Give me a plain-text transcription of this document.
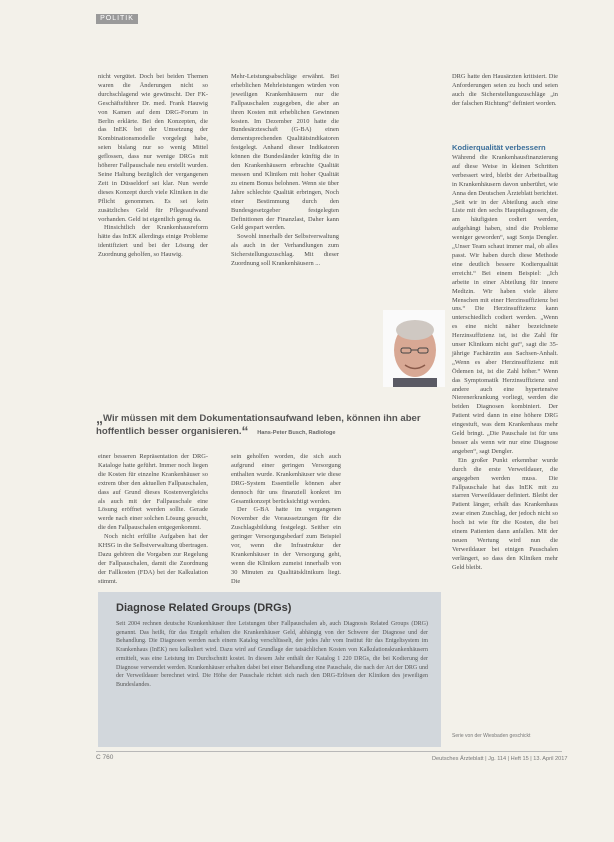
POLITIK

nicht vergütet. Doch bei beiden Themen waren die Änderungen nicht so durchschlagend wie gewünscht. Der FK-Geschäftsführer Dr. med. Frank Hauwig von Kamen auf dem DRG-Forum in Berlin erklärte. Bei den Konzepten, die das InEK bei der Umsetzung der Kombinationsmodelle vorgelegt habe, seien bislang nur so wenig Mittel geflossen, dass nur wenige DRGs mit höherer Fallpauschale neu erstellt wurden. Seine Haltung bezüglich der vergangenen Zeit in Düsseldorf sei klar. Nun werde dieses Konzept durch viele Kliniken in die Pflicht genommen. Es sei kein zusätzliches Geld für Pflegeaufwand vorhanden. Geld ist eigentlich genug da.

Hinsichtlich der Krankenhausreform hätte das InEK allerdings einige Probleme identifiziert und bei der Lösung der Zuordnung geholfen, so Hauwig.

Mehr-Leistungsabschläge erwähnt. Bei erheblichen Mehrleistungen würden von jeweiligen Krankenhäusern nur die Fallpauschalen zugegeben, die aber an ihren Kosten mit erheblichen Gewinnen kosten. Im Dezember 2010 hatte die Bundesärzteschaft (G-BA) einen dementsprechenden Qualitätsindikatoren festgelegt. Anhand dieser Indikatoren können die Bundesländer künftig die in den Krankenhäusern erbrachte Qualität messen und Kliniken mit hoher Qualität zu einem Bonus belohnen. Wenn sie über Jahre schlechte Qualität erbringen, Noch einer Bestimmung durch den Bundesgesetzgeber festgelegten Definitionen der Finanzlast, Daher kann Geld gespart werden.

Sowohl innerhalb der Selbstverwaltung als auch in der Verhandlungen zum Sicherstellungszuschlag. Mit dieser Zuordnung soll Krankenhäusern ...

DRG hatte den Hausärzten kritisiert. Die Anforderungen seien zu hoch und seien auch die Sicherstellungszuschläge „in der falschen Richtung“ definiert worden.

Kodierqualität verbessern

Während die Krankenhausfinanzierung auf diese Weise in kleinen Schritten verbessert wird, bleibt der Arbeitsalltag in Krankenhäusern davon unberührt, wie Anna den Deutschen Ärzteblatt berichtet. „Seit wir in der Abteilung auch eine Liste mit den sechs Hauptdiagnosen, die am häufigsten codiert werden, aufgehängt haben, sind die Probleme weniger geworden“, sagt Sonja Dengler. „Unser Team schaut immer mal, ob alles passt. Wir haben durch diese Methode eine deutlich bessere Kodierqualität erreicht.“ Bei einem Beispiel: „Ich arbeite in einer Abteilung für innere Medizin. Wir haben viele ältere Menschen mit einer Herzinsuffizienz bei uns.“ Die Herzinsuffizienz kann unterschiedlich codiert werden. „Wenn es eine nicht näher bezeichnete Herzinsuffizienz ist, ist die Zahl für unser Klinikum nicht gut“, sagt die 35-jährige Fachärztin aus Sachsen-Anhalt. „Wenn es aber Herzinsuffizienz mit Ödemen ist, ist die Zahl höher.“ Wenn das Symptomatik Herzinsuffizienz und andere auch eine hypertensive Nierenerkrankung vorliegt, werden die beiden Diagnosen kombiniert. Der Patient wird dann in eine höhere DRG eingestuft, was dem Krankenhaus mehr Geld bringt. „Die Pauschale ist für uns besser als wenn wir nur eine Diagnose angeben“, sagt Dengler.

Ein großer Punkt erkennbar wurde durch die erste Verweildauer, die angegeben werden muss. Die Fallpauschale hat das InEK mit zu starren Verweildauer definiert. Bleibt der Patient länger, erhält das Krankenhaus zwar einen Zuschlag, der jedoch nicht so hoch ist wie für die Kosten, die bei einem Patienten dann anfallen. Mit der neuen Wertung wird nun die Verweildauer bei einigen Pauschalen verlängert, so dass den Kliniken mehr Geld bleibt.

„Wir müssen mit dem Dokumentationsaufwand leben, können ihn aber hoffentlich besser organisieren.“ Hans-Peter Busch, Radiologe

einer besseren Repräsentation der DRG-Kataloge hatte geführt. Immer noch liegen die Kosten für einzelne Krankenhäuser so extrem über den aktuellen Fallpauschalen, dass auf Grund dieses Kostenvergleichs als auch mit der Fallpauschale eine Lösung eröffnet werden sollte. Gerade werde nach einer solchen Lösung gesucht, die den Fallpauschalen entgegenkommt.

Noch nicht erfüllte Aufgaben hat der KHSG in die Selbstverwaltung übertragen. Dazu gehören die Vorgaben zur Regelung der Fallpauschalen, damit die Zuordnung der Fallkosten (FDA) bei der Kalkulation stimmt.

sein geholfen worden, die sich auch aufgrund einer geringen Versorgung enthalten wurde. Krankenhäuser wie diese DRG-System Essentielle können aber dennoch für uns finanziell konkret im Gesamtkonzept berücksichtigt werden.

Der G-BA hatte im vergangenen November die Voraussetzungen für die Zuschlagsbildung festgelegt. Seither ein geringer Versorgungsbedarf zum Beispiel vor, wenn die Infrastruktur der Krankenhäuser in der Versorgung geht, wenn die Kliniken zumeist innerhalb von 30 Minuten zu Qualitätsklinikum liegt. Die

Diagnose Related Groups (DRGs)
Seit 2004 rechnen deutsche Krankenhäuser ihre Leistungen über Fallpauschalen ab, auch Diagnosis Related Groups (DRG) genannt. Das heißt, für das Entgelt erhalten die Krankenhäuser Geld, abhängig von der Schwere der Diagnose und der Behandlung. Die Diagnosen werden nach einem Katalog verschlüsselt, der jedes Jahr vom Institut für das Entgeltsystem im Krankenhaus (InEK) neu kalkuliert wird. Dazu wird auf Grundlage der tatsächlichen Kosten von Kalkulationskrankenhäusern ermittelt, was eine Leistung im Durchschnitt kostet. In diesem Jahr enthält der Katalog 1 220 DRGs, die bei Kodierung der Diagnose verwendet werden. Krankenhäuser erhalten dabei bei einer Behandlung eine Pauschale, die nach der Art der DRG und der Verweildauer berechnet wird. Die Höhe der Pauschale richtet sich nach den DRG-Erlösen der Kliniken des jeweiligen Bundeslandes.
Serie von der Wiesbaden geschickt
C 760	Deutsches Ärzteblatt | Jg. 114 | Heft 15 | 13. April 2017
